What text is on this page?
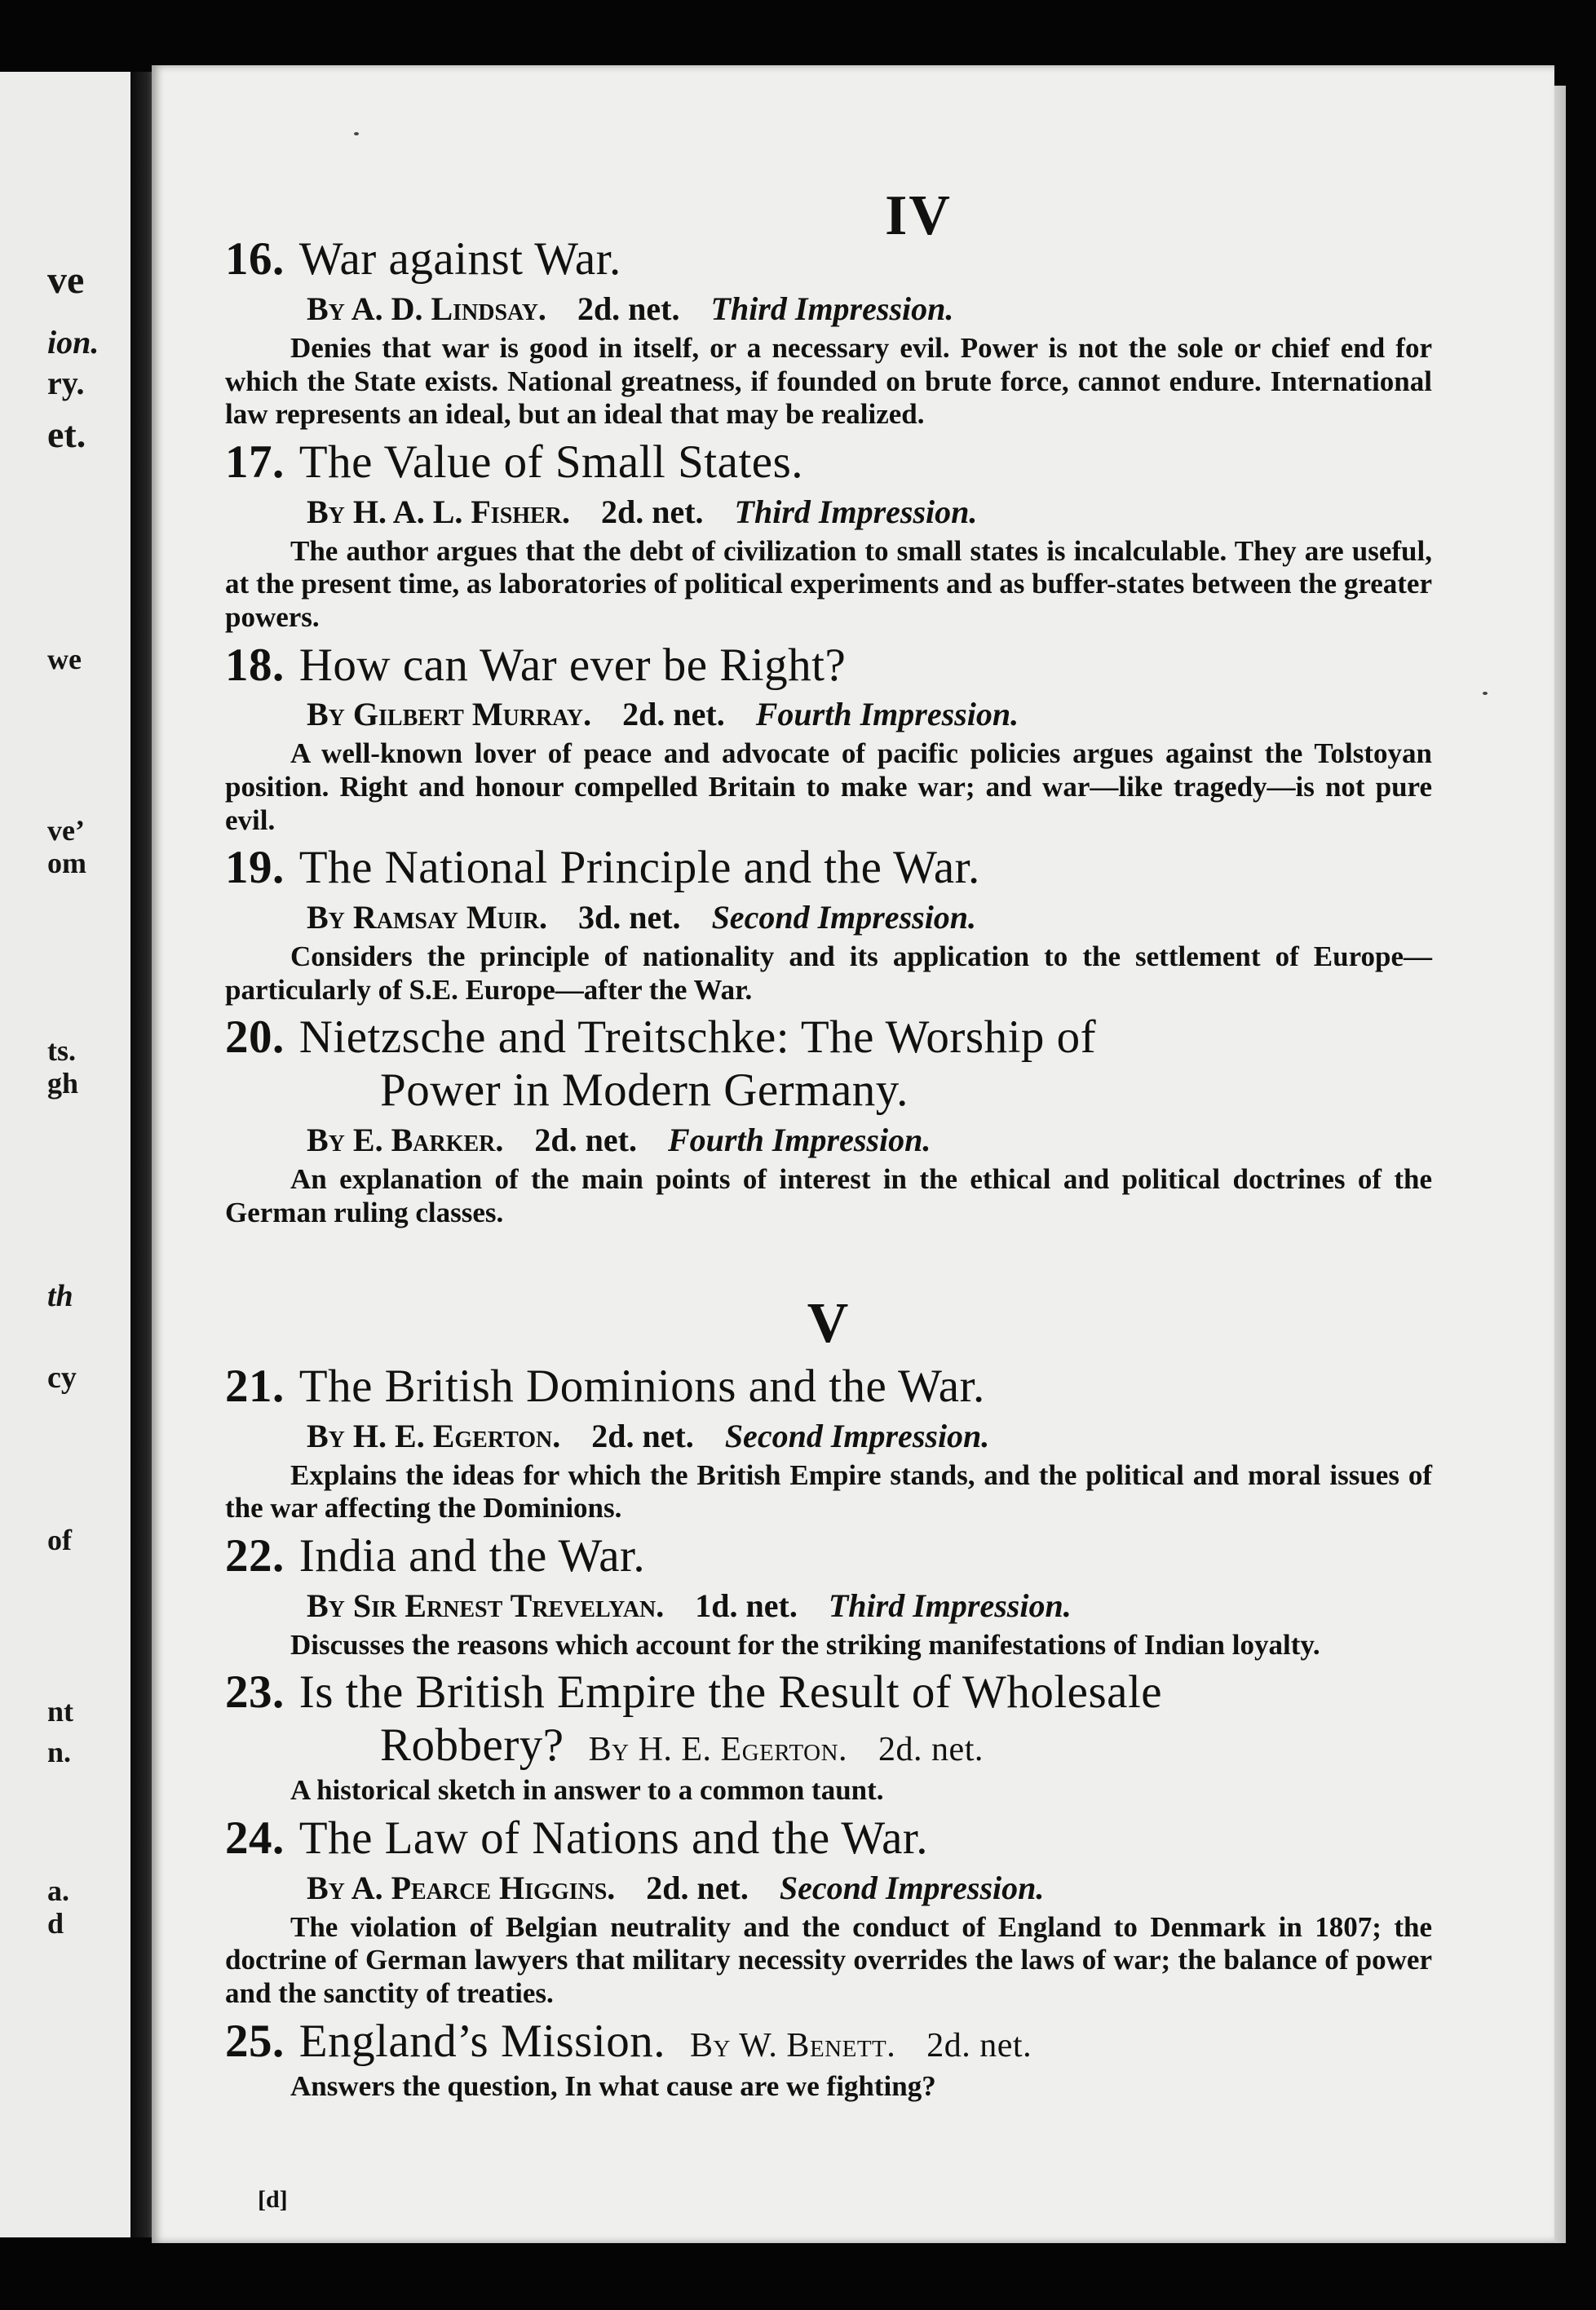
ve
ion.
ry.
et.
we
ve’
om
ts.
gh
th
cy
of
nt
n.
a.
d
IV
16. War against War.
By A. D. Lindsay. 2d. net. Third Impression.
Denies that war is good in itself, or a necessary evil. Power is not the sole or chief end for which the State exists. National greatness, if founded on brute force, cannot endure. International law represents an ideal, but an ideal that may be realized.
17. The Value of Small States.
By H. A. L. Fisher. 2d. net. Third Impression.
The author argues that the debt of civilization to small states is incalculable. They are useful, at the present time, as laboratories of political experiments and as buffer-states between the greater powers.
18. How can War ever be Right?
By Gilbert Murray. 2d. net. Fourth Impression.
A well-known lover of peace and advocate of pacific policies argues against the Tolstoyan position. Right and honour compelled Britain to make war; and war—like tragedy—is not pure evil.
19. The National Principle and the War.
By Ramsay Muir. 3d. net. Second Impression.
Considers the principle of nationality and its application to the settlement of Europe—particularly of S.E. Europe—after the War.
20. Nietzsche and Treitschke: The Worship of
Power in Modern Germany.
By E. Barker. 2d. net. Fourth Impression.
An explanation of the main points of interest in the ethical and political doctrines of the German ruling classes.
V
21. The British Dominions and the War.
By H. E. Egerton. 2d. net. Second Impression.
Explains the ideas for which the British Empire stands, and the political and moral issues of the war affecting the Dominions.
22. India and the War.
By Sir Ernest Trevelyan. 1d. net. Third Impression.
Discusses the reasons which account for the striking manifestations of Indian loyalty.
23. Is the British Empire the Result of Wholesale
Robbery? By H. E. Egerton. 2d. net.
A historical sketch in answer to a common taunt.
24. The Law of Nations and the War.
By A. Pearce Higgins. 2d. net. Second Impression.
The violation of Belgian neutrality and the conduct of England to Denmark in 1807; the doctrine of German lawyers that military necessity overrides the laws of war; the balance of power and the sanctity of treaties.
25. England’s Mission. By W. Benett. 2d. net.
Answers the question, In what cause are we fighting?
[d]
